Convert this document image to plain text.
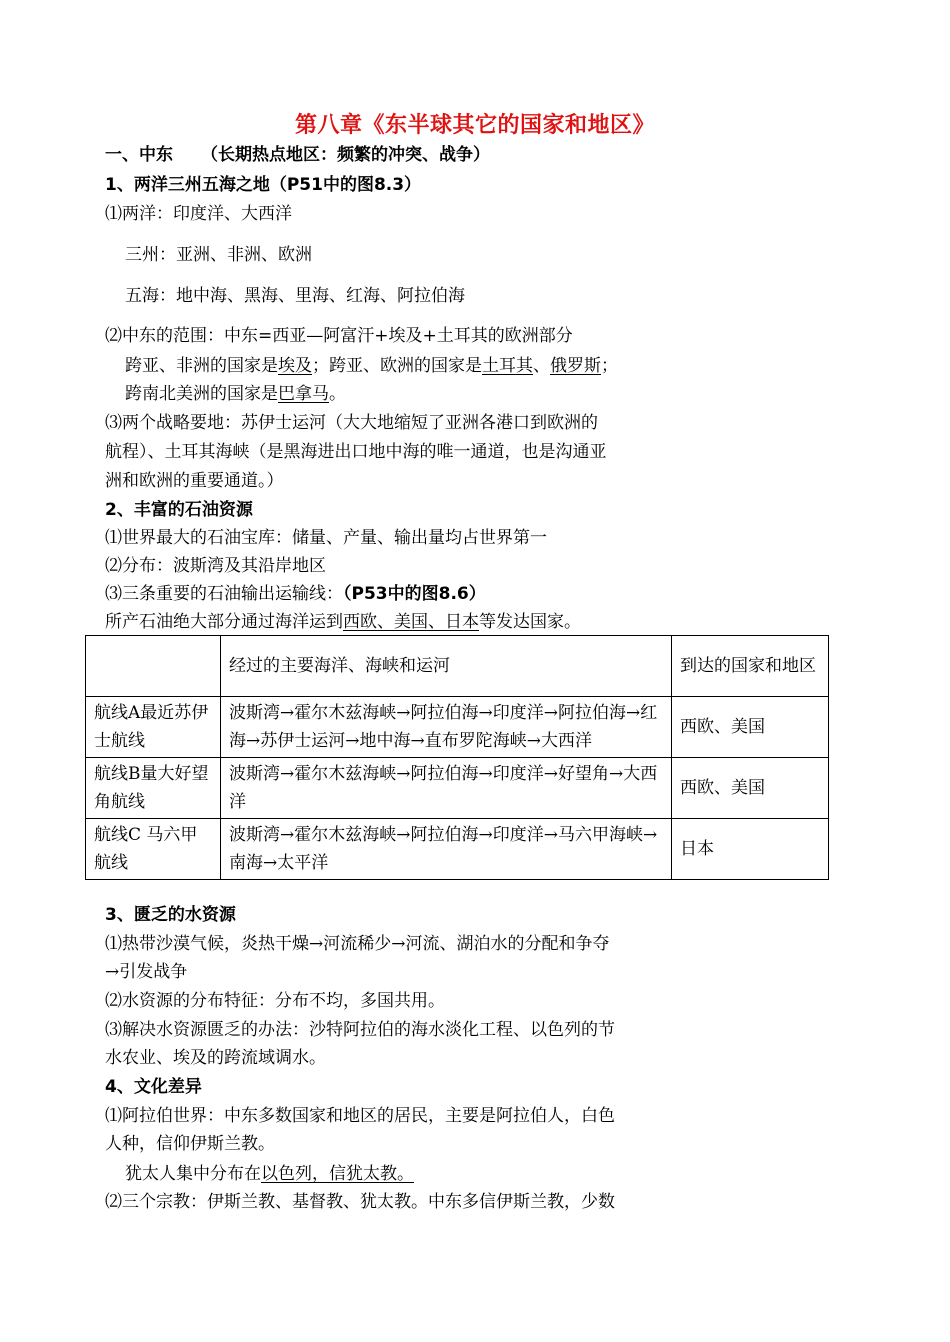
第八章《东半球其它的国家和地区》
一、中东 （长期热点地区：频繁的冲突、战争）
1、两洋三州五海之地（P51中的图8.3）
⑴两洋：印度洋、大西洋
三州：亚洲、非洲、欧洲
五海：地中海、黑海、里海、红海、阿拉伯海
⑵中东的范围：中东=西亚—阿富汗+埃及+土耳其的欧洲部分
跨亚、非洲的国家是埃及；跨亚、欧洲的国家是土耳其、俄罗斯；
跨南北美洲的国家是巴拿马。
⑶两个战略要地：苏伊士运河（大大地缩短了亚洲各港口到欧洲的
航程）、土耳其海峡（是黑海进出口地中海的唯一通道，也是沟通亚
洲和欧洲的重要通道。）
2、丰富的石油资源
⑴世界最大的石油宝库：储量、产量、输出量均占世界第一
⑵分布：波斯湾及其沿岸地区
⑶三条重要的石油输出运输线：（P53中的图8.6）
所产石油绝大部分通过海洋运到西欧、美国、日本等发达国家。
	经过的主要海洋、海峡和运河	到达的国家和地区
航线A最近苏伊士航线	波斯湾→霍尔木兹海峡→阿拉伯海→印度洋→阿拉伯海→红海→苏伊士运河→地中海→直布罗陀海峡→大西洋	西欧、美国
航线B量大好望角航线	波斯湾→霍尔木兹海峡→阿拉伯海→印度洋→好望角→大西洋	西欧、美国
航线C 马六甲航线	波斯湾→霍尔木兹海峡→阿拉伯海→印度洋→马六甲海峡→南海→太平洋	日本
3、匮乏的水资源
⑴热带沙漠气候，炎热干燥→河流稀少→河流、湖泊水的分配和争夺
→引发战争
⑵水资源的分布特征：分布不均，多国共用。
⑶解决水资源匮乏的办法：沙特阿拉伯的海水淡化工程、以色列的节
水农业、埃及的跨流域调水。
4、文化差异
⑴阿拉伯世界：中东多数国家和地区的居民，主要是阿拉伯人，白色
人种，信仰伊斯兰教。
犹太人集中分布在以色列，信犹太教。
⑵三个宗教：伊斯兰教、基督教、犹太教。中东多信伊斯兰教，少数
